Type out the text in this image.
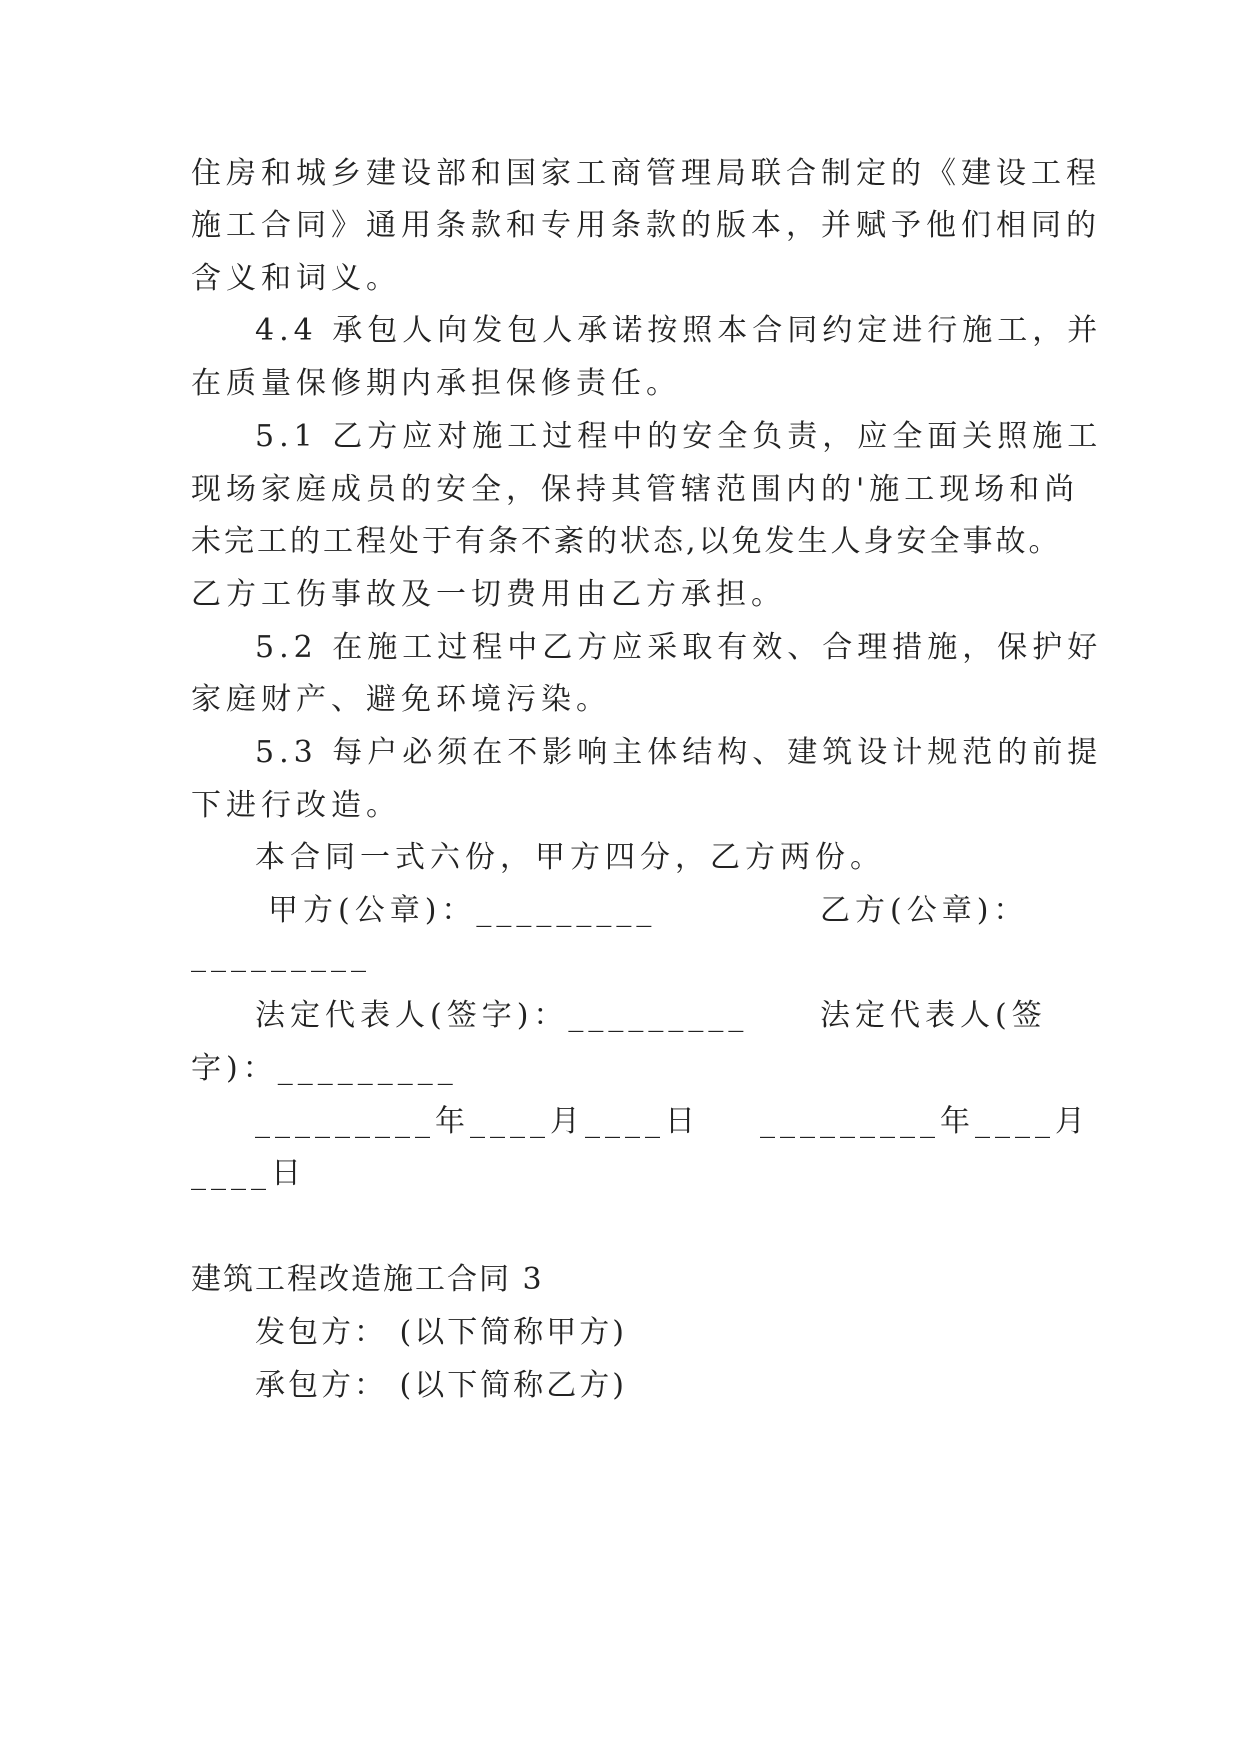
住房和城乡建设部和国家工商管理局联合制定的《建设工程
施工合同》通用条款和专用条款的版本，并赋予他们相同的
含义和词义。
4.4 承包人向发包人承诺按照本合同约定进行施工，并
在质量保修期内承担保修责任。
5.1 乙方应对施工过程中的安全负责，应全面关照施工
现场家庭成员的安全，保持其管辖范围内的'施工现场和尚
未完工的工程处于有条不紊的状态,以免发生人身安全事故。
乙方工伤事故及一切费用由乙方承担。
5.2 在施工过程中乙方应采取有效、合理措施，保护好
家庭财产、避免环境污染。
5.3 每户必须在不影响主体结构、建筑设计规范的前提
下进行改造。
本合同一式六份，甲方四分，乙方两份。
甲方(公章)：_________	乙方(公章)：
_________
法定代表人(签字)：_________ 法定代表人(签
字)：_________
_________年____月____日 _________年____月
____日
建筑工程改造施工合同 3
发包方： (以下简称甲方)
承包方： (以下简称乙方)
